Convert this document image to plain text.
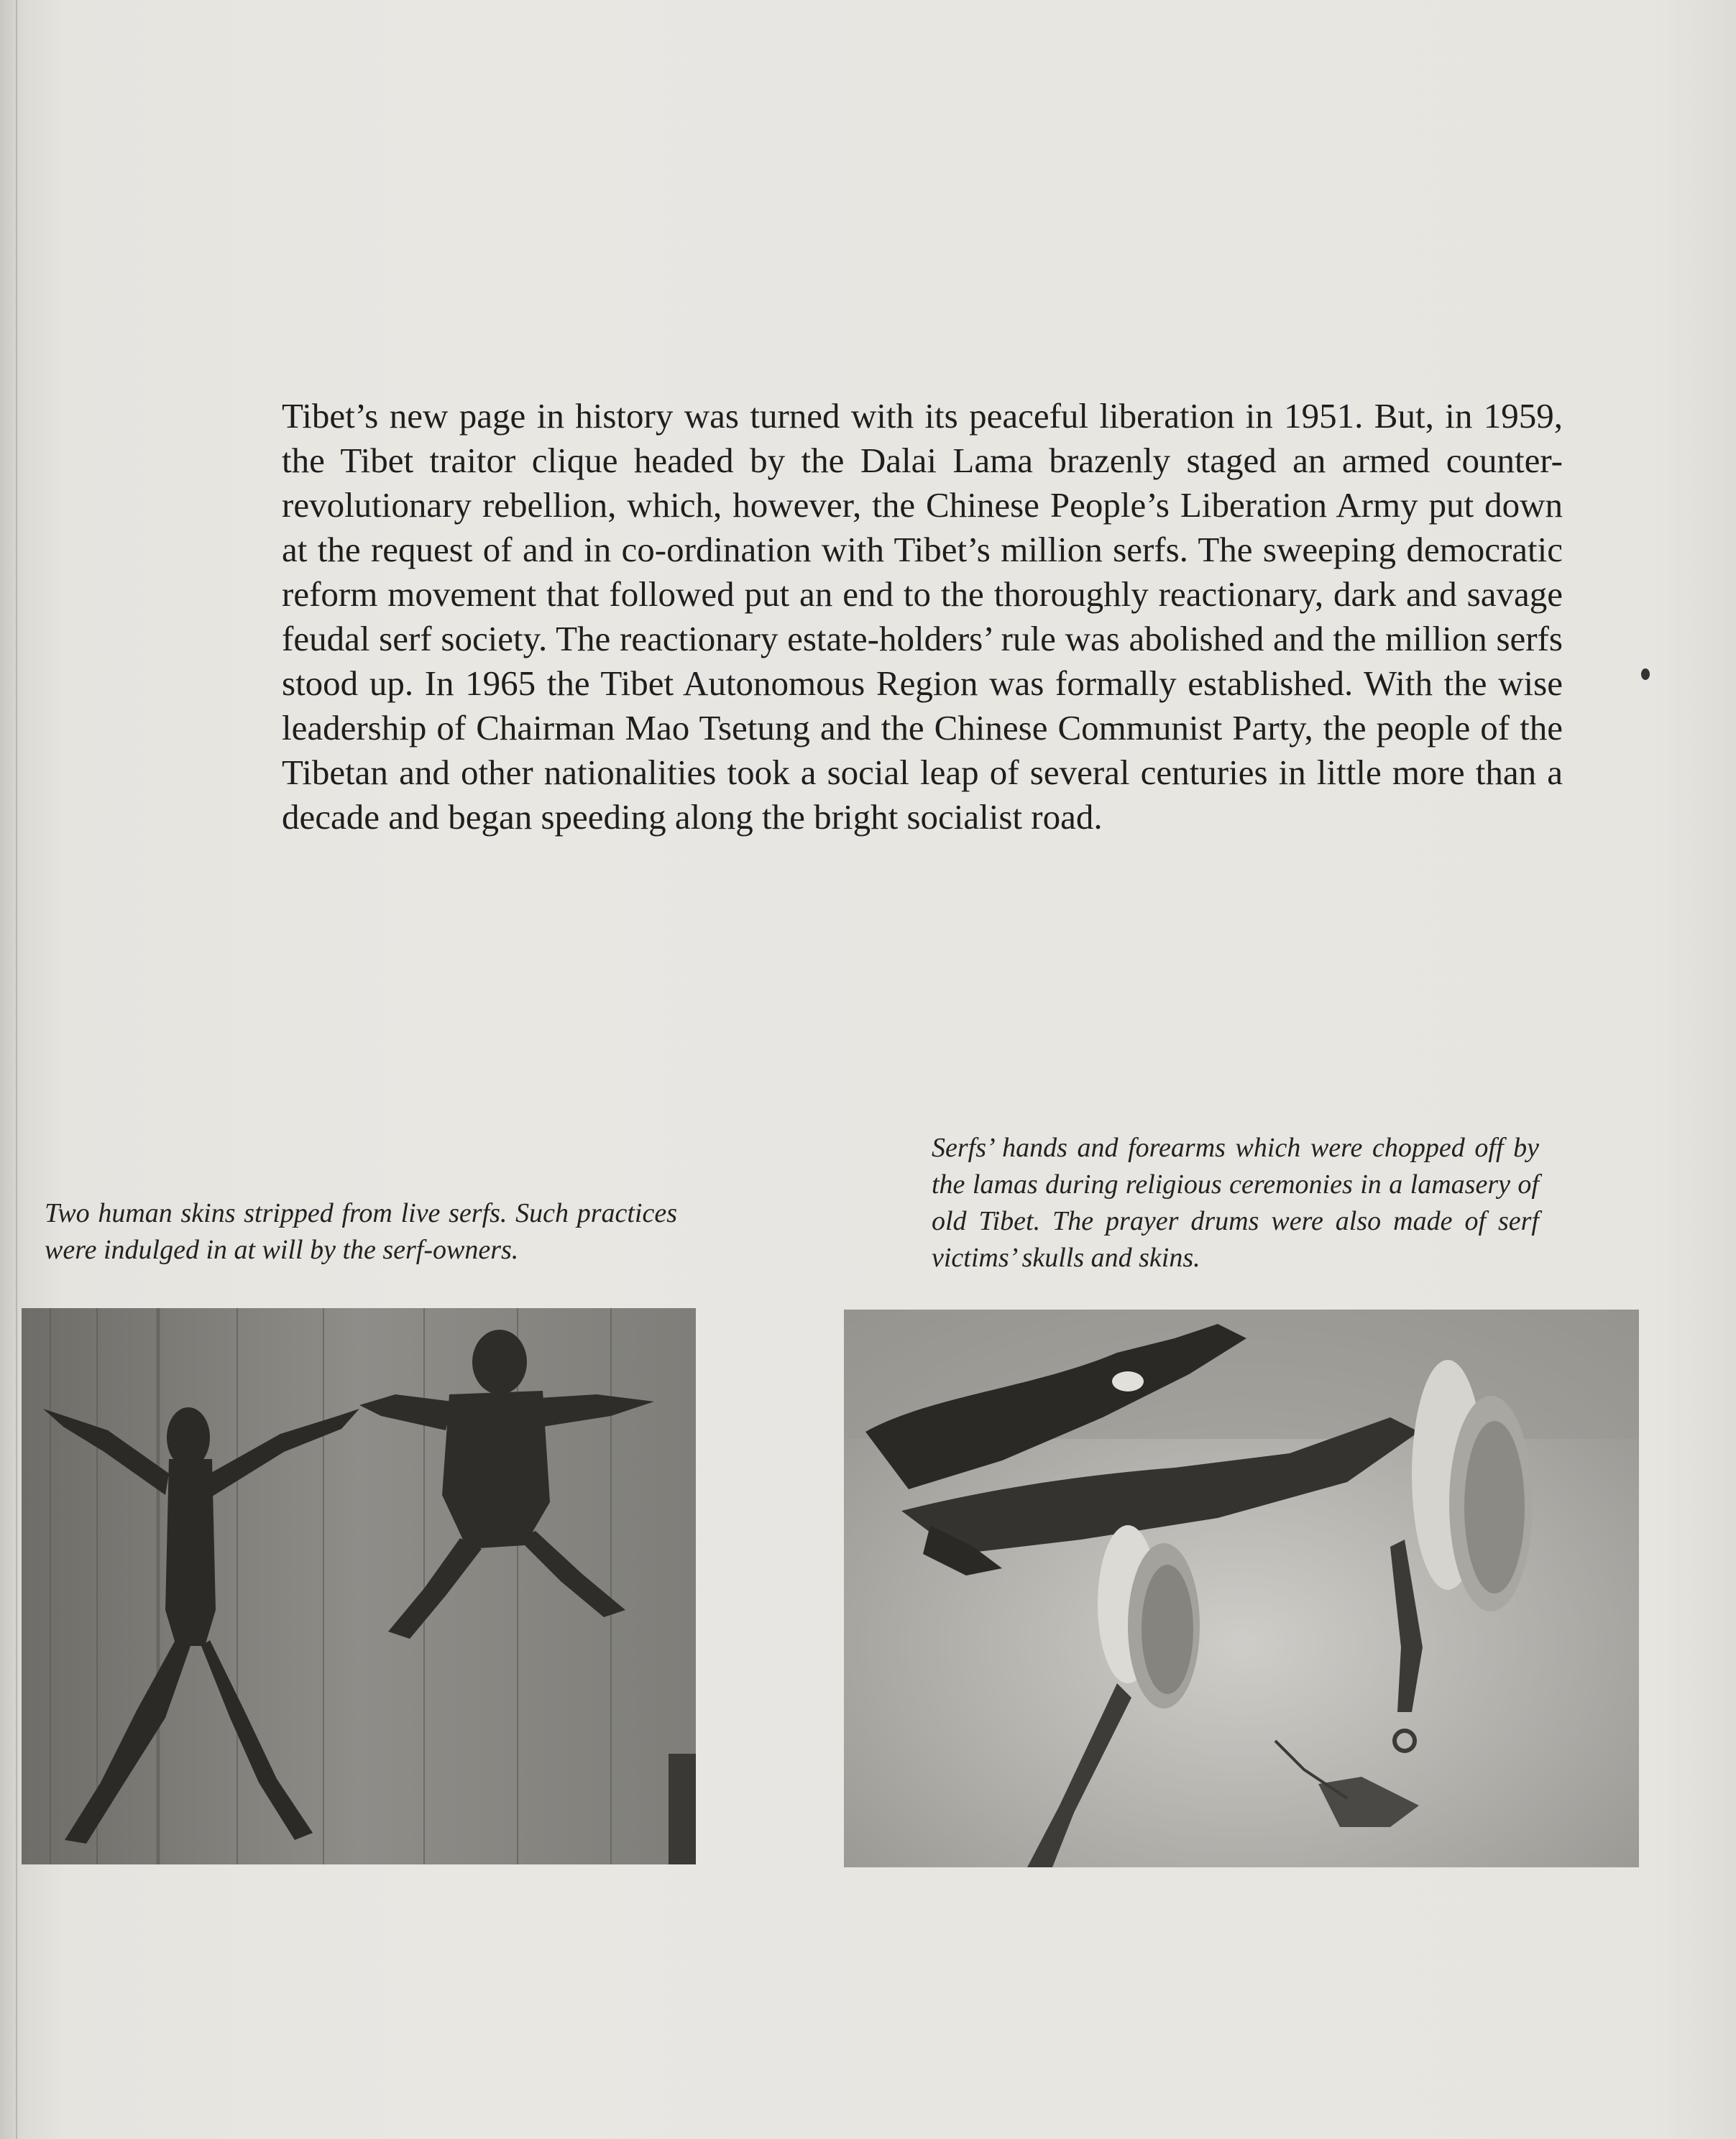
Tibet’s new page in history was turned with its peaceful liberation in 1951. But, in 1959, the Tibet traitor clique headed by the Dalai Lama brazenly staged an armed counter-revolutionary rebellion, which, however, the Chinese People’s Liberation Army put down at the request of and in co-ordination with Tibet’s million serfs. The sweeping democratic reform movement that followed put an end to the thoroughly reactionary, dark and savage feudal serf society. The reactionary estate-holders’ rule was abolished and the million serfs stood up. In 1965 the Tibet Autonomous Region was formally established. With the wise leadership of Chairman Mao Tsetung and the Chinese Communist Party, the people of the Tibetan and other nationalities took a social leap of several centuries in little more than a decade and began speeding along the bright socialist road.

Two human skins stripped from live serfs. Such practices were indulged in at will by the serf-owners.

Serfs’ hands and forearms which were chopped off by the lamas during religious ceremonies in a lamasery of old Tibet. The prayer drums were also made of serf victims’ skulls and skins.
